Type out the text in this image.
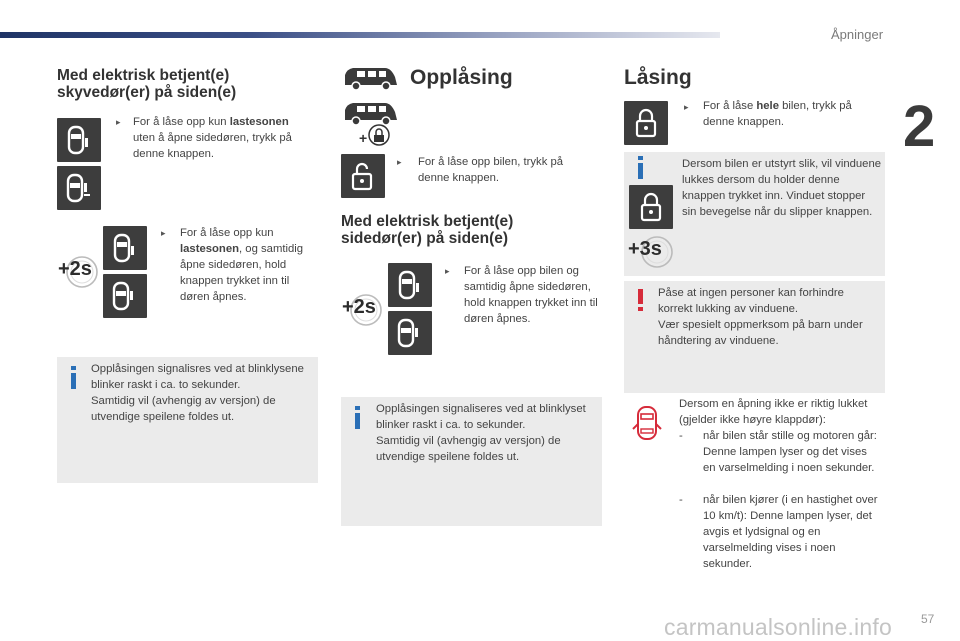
Åpninger
2
Med elektrisk betjent(e)
skyvedør(er) på siden(e)
▸ For å låse opp kun lastesonen
uten å åpne sidedøren, trykk på denne knappen.
+2s
▸ For å låse opp kun
lastesonen, og samtidig åpne sidedøren, hold knappen trykket inn til døren åpnes.
Opplåsingen signalisres ved at blinklysene blinker raskt i ca. to sekunder.
Samtidig vil (avhengig av versjon) de utvendige speilene foldes ut.
Opplåsing
+
▸ For å låse opp bilen, trykk på denne knappen.
Med elektrisk betjent(e)
sidedør(er) på siden(e)
+2s
▸ For å låse opp bilen og samtidig åpne sidedøren, hold knappen trykket inn til døren åpnes.
Opplåsingen signaliseres ved at blinklyset blinker raskt i ca. to sekunder.
Samtidig vil (avhengig av versjon) de utvendige speilene foldes ut.
Låsing
▸ For å låse hele bilen, trykk på denne knappen.
+3s
Dersom bilen er utstyrt slik, vil vinduene lukkes dersom du holder denne knappen trykket inn. Vinduet stopper sin bevegelse når du slipper knappen.
Påse at ingen personer kan forhindre korrekt lukking av vinduene.
Vær spesielt oppmerksom på barn under håndtering av vinduene.
Dersom en åpning ikke er riktig lukket (gjelder ikke høyre klappdør):
- når bilen står stille og motoren går: Denne lampen lyser og det vises en varselmelding i noen sekunder.
- når bilen kjører (i en hastighet over 10 km/t): Denne lampen lyser, det avgis et lydsignal og en varselmelding vises i noen sekunder.
carmanualsonline.info 57
